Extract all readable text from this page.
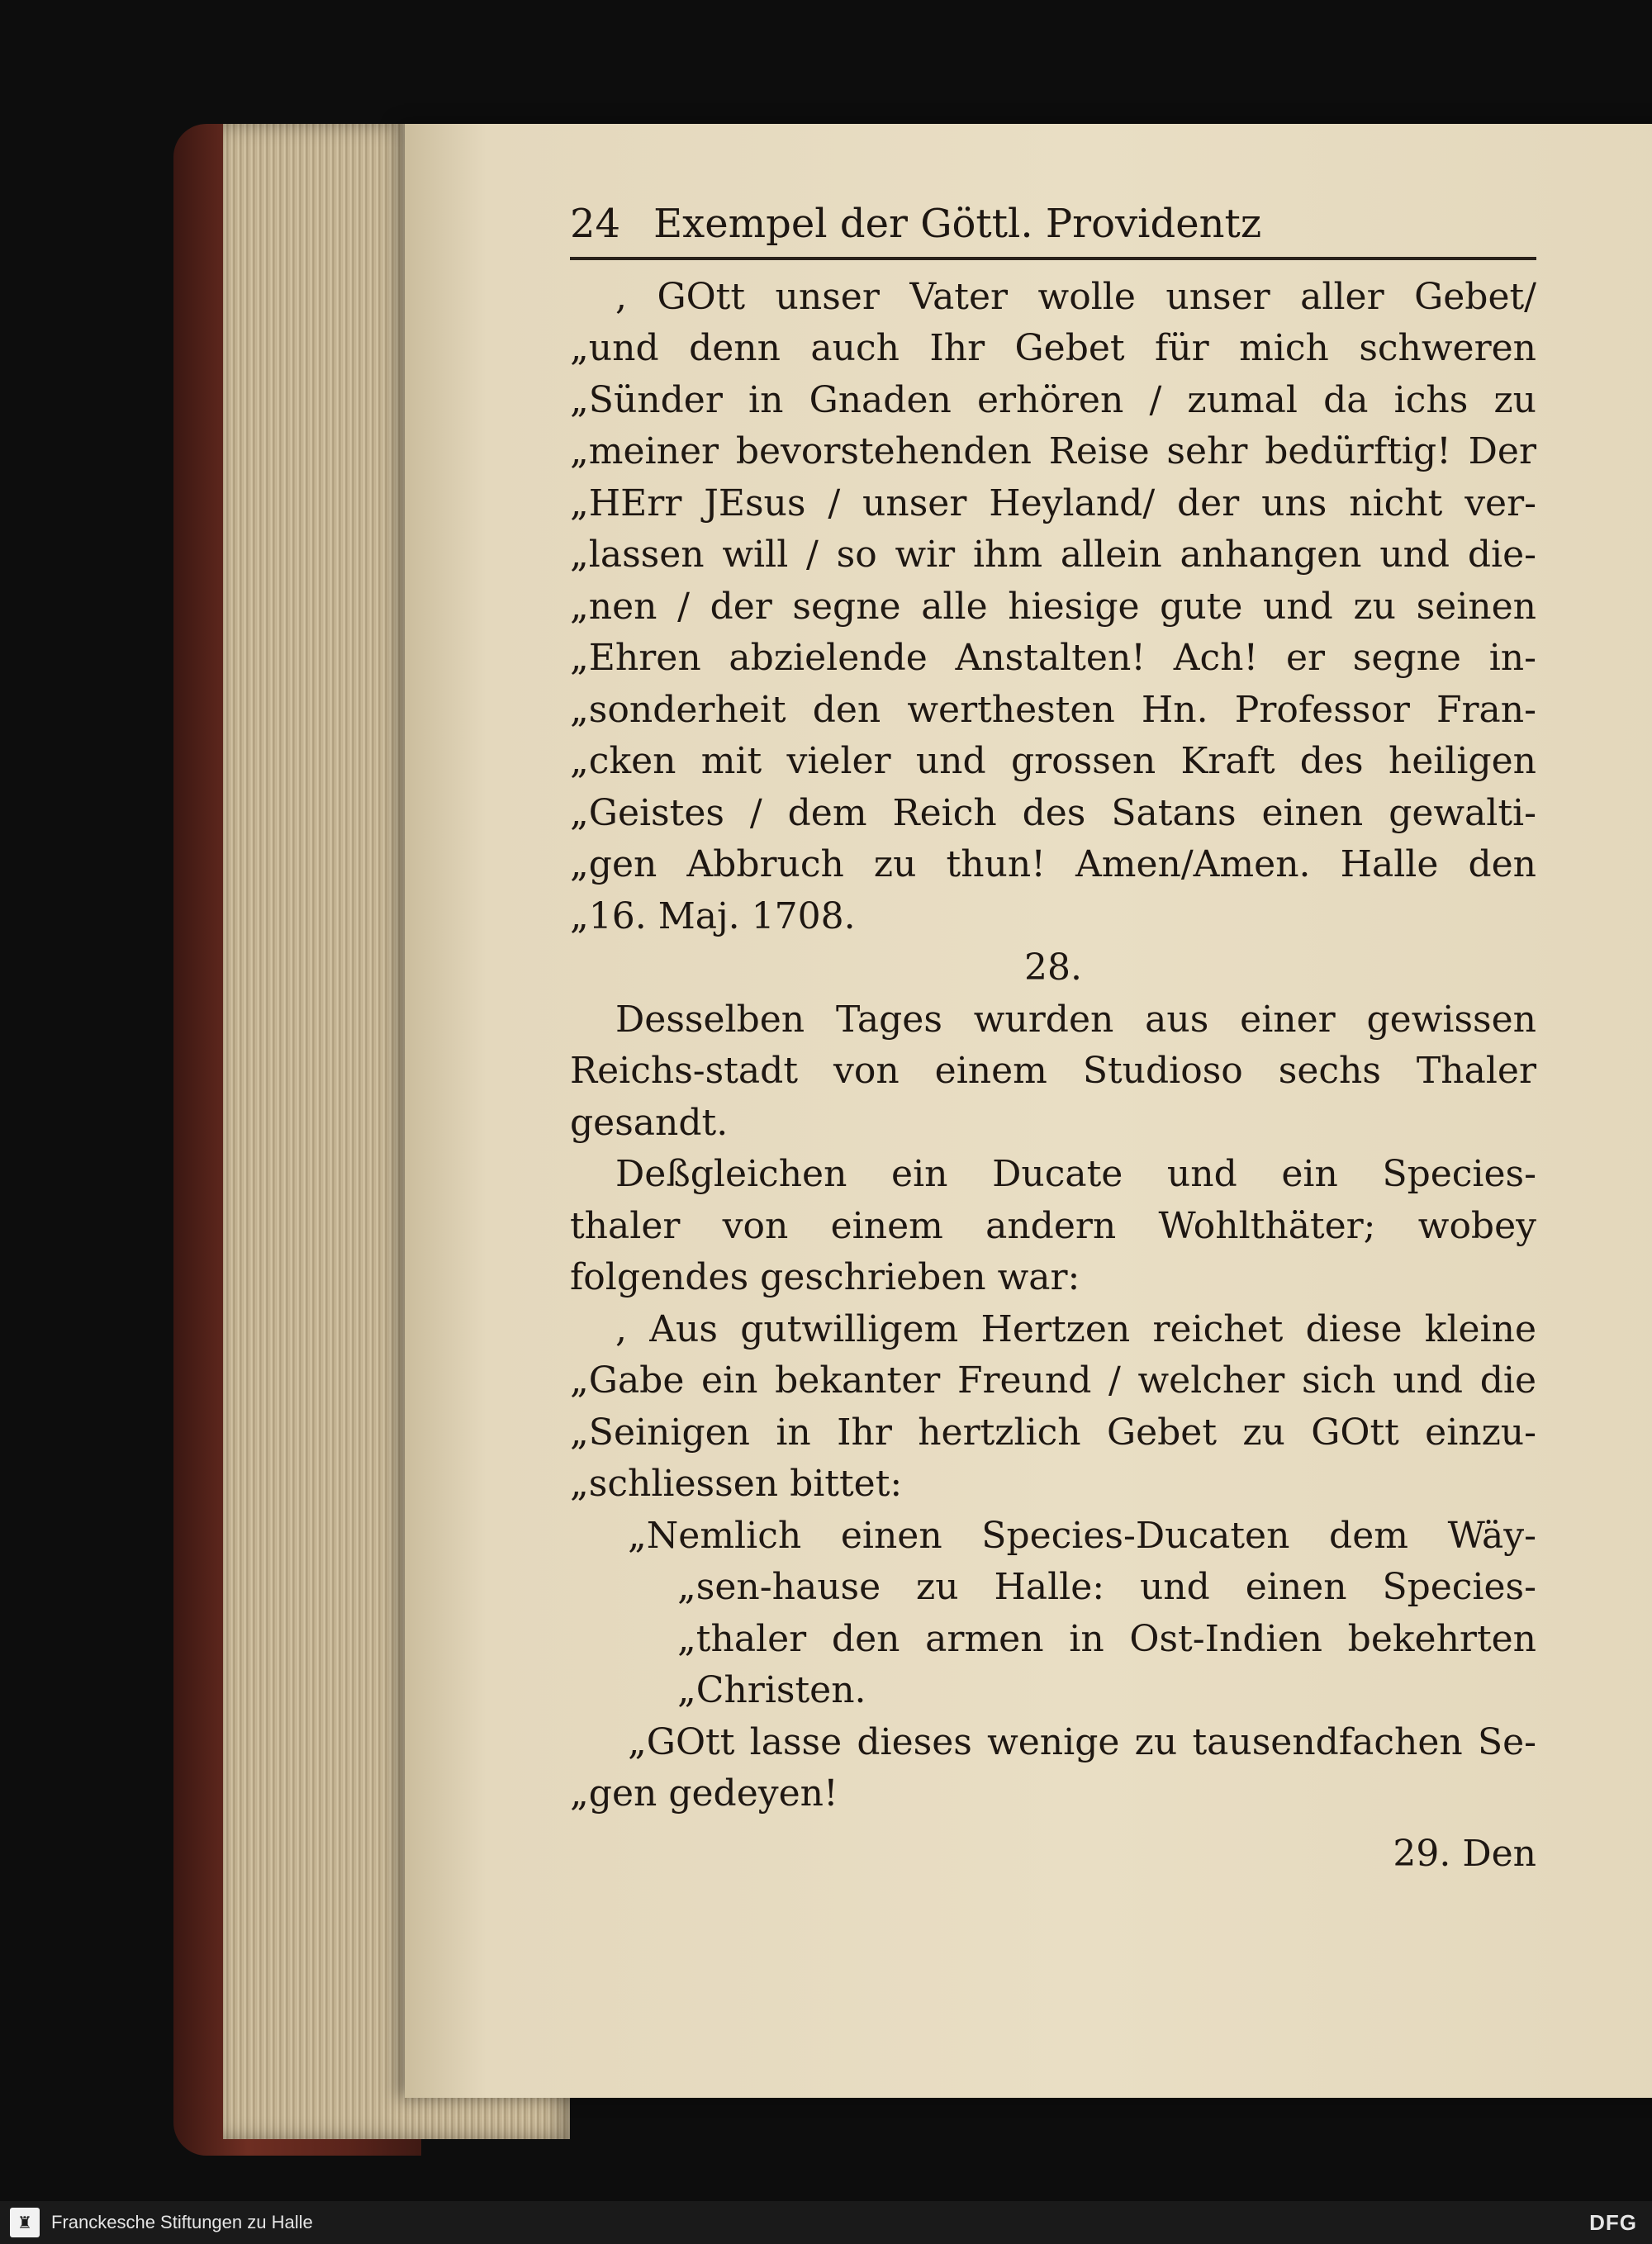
24 Exempel der Göttl. Providentz
, GOtt unser Vater wolle unser aller Gebet/
„und denn auch Ihr Gebet für mich schweren
„Sünder in Gnaden erhören / zumal da ichs zu
„meiner bevorstehenden Reise sehr bedürftig! Der
„HErr JEsus / unser Heyland/ der uns nicht ver-
„lassen will / so wir ihm allein anhangen und die-
„nen / der segne alle hiesige gute und zu seinen
„Ehren abzielende Anstalten! Ach! er segne in-
„sonderheit den werthesten Hn. Professor Fran-
„cken mit vieler und grossen Kraft des heiligen
„Geistes / dem Reich des Satans einen gewalti-
„gen Abbruch zu thun! Amen/Amen. Halle den
„16. Maj. 1708.
28.
Desselben Tages wurden aus einer gewissen
Reichs-stadt von einem Studioso sechs Thaler
gesandt.
Deßgleichen ein Ducate und ein Species-
thaler von einem andern Wohlthäter; wobey
folgendes geschrieben war:
, Aus gutwilligem Hertzen reichet diese kleine
„Gabe ein bekanter Freund / welcher sich und die
„Seinigen in Ihr hertzlich Gebet zu GOtt einzu-
„schliessen bittet:
„Nemlich einen Species-Ducaten dem Wäy-
„sen-hause zu Halle: und einen Species-
„thaler den armen in Ost-Indien bekehrten
„Christen.
„GOtt lasse dieses wenige zu tausendfachen Se-
„gen gedeyen!
29. Den
♜	Franckesche Stiftungen zu Halle	DFG
